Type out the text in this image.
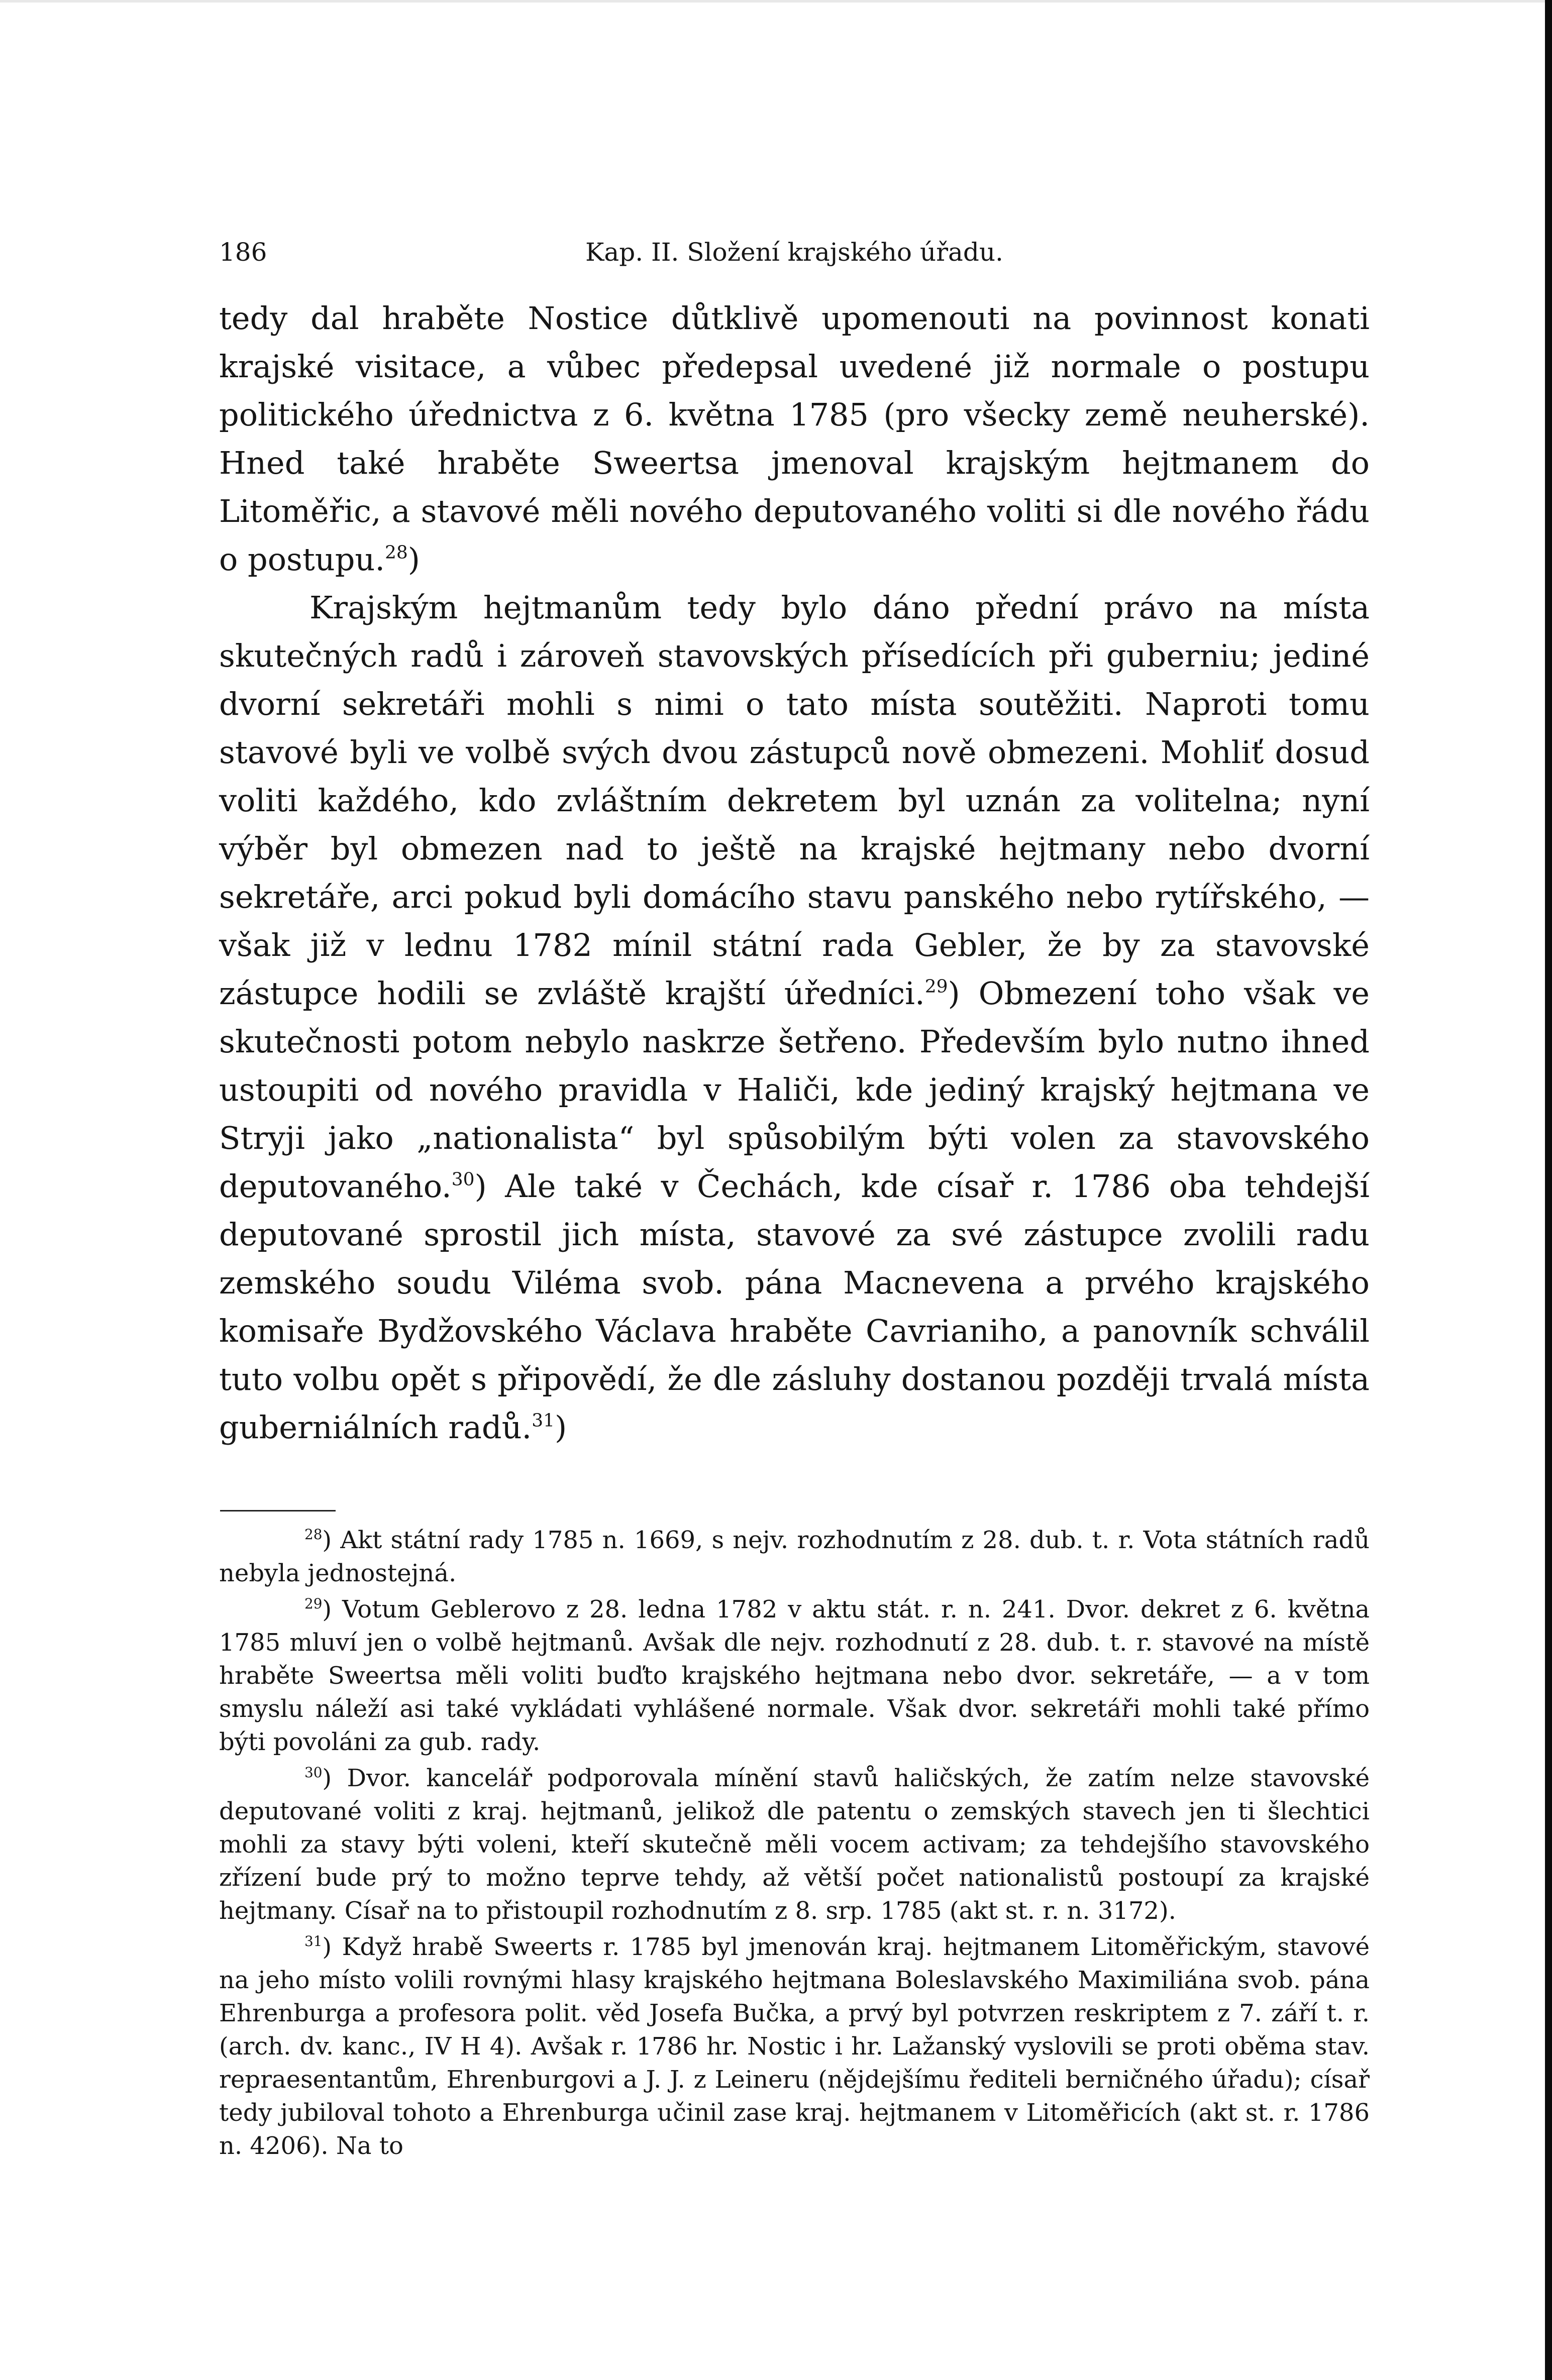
186	Kap. II. Složení krajského úřadu.

tedy dal hraběte Nostice důtklivě upomenouti na povinnost konati krajské visitace, a vůbec předepsal uvedené již normale o postupu politického úřednictva z 6. května 1785 (pro všecky země neuherské). Hned také hraběte Sweertsa jmenoval krajským hejtmanem do Litoměřic, a stavové měli nového deputovaného voliti si dle nového řádu o postupu.$^{28}$)

Krajským hejtmanům tedy bylo dáno přední právo na místa skutečných radů i zároveň stavovských přísedících při guberniu; jediné dvorní sekretáři mohli s nimi o tato místa soutěžiti. Naproti tomu stavové byli ve volbě svých dvou zástupců nově obmezeni. Mohliť dosud voliti každého, kdo zvláštním dekretem byl uznán za volitelna; nyní výběr byl obmezen nad to ještě na krajské hejtmany nebo dvorní sekretáře, arci pokud byli domácího stavu panského nebo rytířského, — však již v lednu 1782 mínil státní rada Gebler, že by za stavovské zástupce hodili se zvláště krajští úředníci.$^{29}$) Obmezení toho však ve skutečnosti potom nebylo naskrze šetřeno. Především bylo nutno ihned ustoupiti od nového pravidla v Haliči, kde jediný krajský hejtmana ve Stryji jako „nationalista“ byl spůsobilým býti volen za stavovského deputovaného.$^{30}$) Ale také v Čechách, kde císař r. 1786 oba tehdejší deputované sprostil jich místa, stavové za své zástupce zvolili radu zemského soudu Viléma svob. pána Macnevena a prvého krajského komisaře Bydžovského Václava hraběte Cavrianiho, a panovník schválil tuto volbu opět s připovědí, že dle zásluhy dostanou později trvalá místa guberniálních radů.$^{31}$)

$^{28}$) Akt státní rady 1785 n. 1669, s nejv. rozhodnutím z 28. dub. t. r. Vota státních radů nebyla jednostejná.

$^{29}$) Votum Geblerovo z 28. ledna 1782 v aktu stát. r. n. 241. Dvor. dekret z 6. května 1785 mluví jen o volbě hejtmanů. Avšak dle nejv. rozhodnutí z 28. dub. t. r. stavové na místě hraběte Sweertsa měli voliti buďto krajského hejtmana nebo dvor. sekretáře, — a v tom smyslu náleží asi také vykládati vyhlášené normale. Však dvor. sekretáři mohli také přímo býti povoláni za gub. rady.

$^{30}$) Dvor. kancelář podporovala mínění stavů haličských, že zatím nelze stavovské deputované voliti z kraj. hejtmanů, jelikož dle patentu o zemských stavech jen ti šlechtici mohli za stavy býti voleni, kteří skutečně měli vocem activam; za tehdejšího stavovského zřízení bude prý to možno teprve tehdy, až větší počet nationalistů postoupí za krajské hejtmany. Císař na to přistoupil rozhodnutím z 8. srp. 1785 (akt st. r. n. 3172).

$^{31}$) Když hrabě Sweerts r. 1785 byl jmenován kraj. hejtmanem Litoměřickým, stavové na jeho místo volili rovnými hlasy krajského hejtmana Boleslavského Maximiliána svob. pána Ehrenburga a profesora polit. věd Josefa Bučka, a prvý byl potvrzen reskriptem z 7. září t. r. (arch. dv. kanc., IV H 4). Avšak r. 1786 hr. Nostic i hr. Lažanský vyslovili se proti oběma stav. repraesentantům, Ehrenburgovi a J. J. z Leineru (nějdejšímu řediteli berničného úřadu); císař tedy jubiloval tohoto a Ehrenburga učinil zase kraj. hejtmanem v Litoměřicích (akt st. r. 1786 n. 4206). Na to
